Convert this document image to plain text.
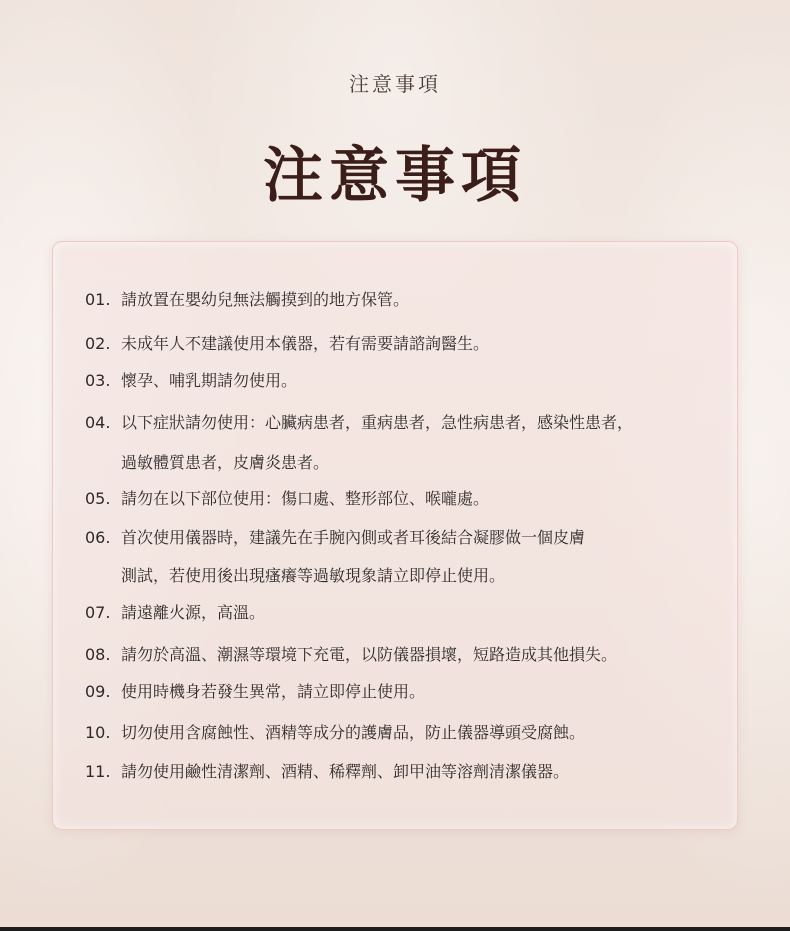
注意事項
注意事項
01. 請放置在嬰幼兒無法觸摸到的地方保管。
02. 未成年人不建議使用本儀器，若有需要請諮詢醫生。
03. 懷孕、哺乳期請勿使用。
04. 以下症狀請勿使用：心臟病患者，重病患者，急性病患者，感染性患者，
過敏體質患者，皮膚炎患者。
05. 請勿在以下部位使用：傷口處、整形部位、喉嚨處。
06. 首次使用儀器時，建議先在手腕內側或者耳後結合凝膠做一個皮膚
測試，若使用後出現瘙癢等過敏現象請立即停止使用。
07. 請遠離火源，高溫。
08. 請勿於高溫、潮濕等環境下充電，以防儀器損壞，短路造成其他損失。
09. 使用時機身若發生異常，請立即停止使用。
10. 切勿使用含腐蝕性、酒精等成分的護膚品，防止儀器導頭受腐蝕。
11. 請勿使用鹼性清潔劑、酒精、稀釋劑、卸甲油等溶劑清潔儀器。
